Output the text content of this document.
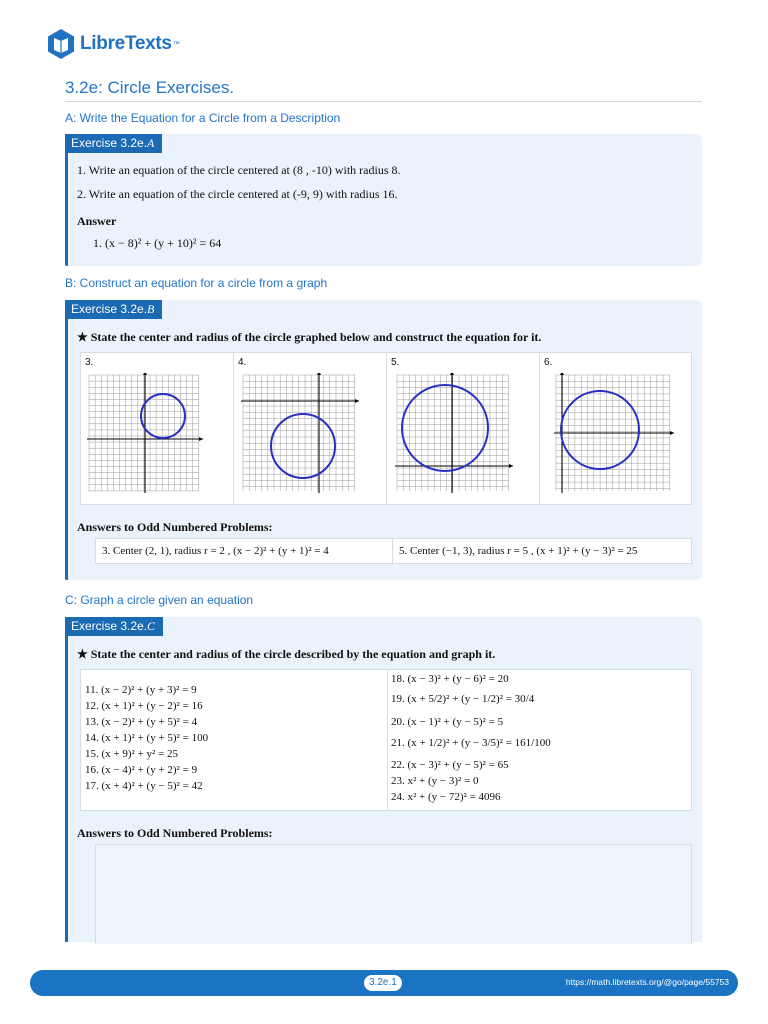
LibreTexts ™
3.2e: Circle Exercises.
A: Write the Equation for a Circle from a Description
Exercise 3.2e.A
1. Write an equation of the circle centered at (8 , -10) with radius 8.
2. Write an equation of the circle centered at (-9, 9) with radius 16.
Answer
1. (x − 8)² + (y + 10)² = 64
B: Construct an equation for a circle from a graph
Exercise 3.2e.B
★ State the center and radius of the circle graphed below and construct the equation for it.
3.	4.	5.	6.
Answers to Odd Numbered Problems:
3. Center (2, 1), radius r = 2 , (x − 2)² + (y + 1)² = 4	5. Center (−1, 3), radius r = 5 , (x + 1)² + (y − 3)² = 25
C: Graph a circle given an equation
Exercise 3.2e.C
★ State the center and radius of the circle described by the equation and graph it.
11. (x − 2)² + (y + 3)² = 9
12. (x + 1)² + (y − 2)² = 16
13. (x − 2)² + (y + 5)² = 4
14. (x + 1)² + (y + 5)² = 100
15. (x + 9)² + y² = 25
16. (x − 4)² + (y + 2)² = 9
17. (x + 4)² + (y − 5)² = 42
18. (x − 3)² + (y − 6)² = 20
19. (x + 5/2)² + (y − 1/2)² = 30/4
20. (x − 1)² + (y − 5)² = 5
21. (x + 1/2)² + (y − 3/5)² = 161/100
22. (x − 3)² + (y − 5)² = 65
23. x² + (y − 3)² = 0
24. x² + (y − 72)² = 4096
Answers to Odd Numbered Problems:
3.2e.1	https://math.libretexts.org/@go/page/55753
